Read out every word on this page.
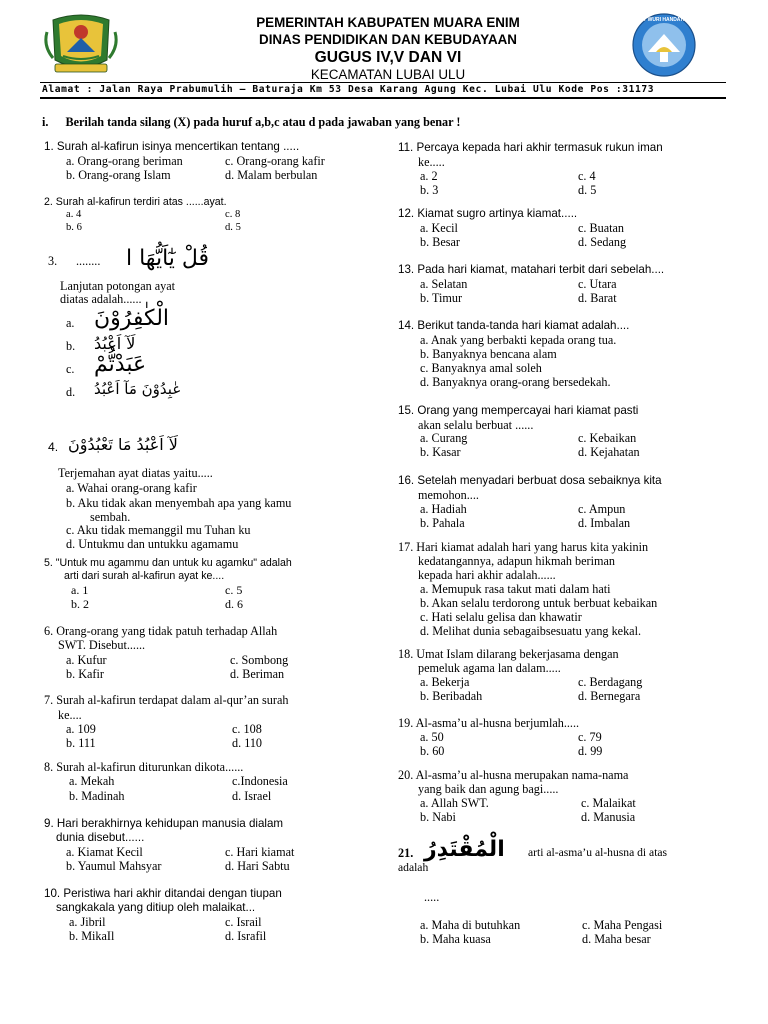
PEMERINTAH KABUPATEN MUARA ENIM
DINAS PENDIDIKAN DAN KEBUDAYAAN
GUGUS IV,V DAN VI
KECAMATAN LUBAI ULU
TUT WURI HANDAYANI
Alamat : Jalan Raya Prabumulih – Baturaja Km 53 Desa Karang Agung Kec. Lubai Ulu Kode Pos :31173
i. Berilah tanda silang (X) pada huruf a,b,c atau d pada jawaban yang benar !
1. Surah al-kafirun isinya mencertikan tentang .....
a. Orang-orang beriman	c. Orang-orang kafir
b. Orang-orang Islam	d. Malam berbulan
2. Surah al-kafirun terdiri atas ......ayat.
a. 4	c. 8
b. 6	d. 5
3. ........ قُلْ يٰٓاَيُّهَا ا
Lanjutan potongan ayat
diatas adalah......
a. الْكٰفِرُوْنَ
b. لَآ اَعْبُدُ
c. عَبَدْتُّمْ
d. عٰبِدُوْنَ مَآ اَعْبُدُ
4. لَآ اَعْبُدُ مَا تَعْبُدُوْنَ
Terjemahan ayat diatas yaitu.....
a. Wahai orang-orang kafir
b. Aku tidak akan menyembah apa yang kamu
sembah.
c. Aku tidak memanggil mu Tuhan ku
d. Untukmu dan untukku agamamu
5. "Untuk mu agammu dan untuk ku agamku" adalah
arti dari surah al-kafirun ayat ke....
a. 1	c. 5
b. 2	d. 6
6. Orang-orang yang tidak patuh terhadap Allah
SWT. Disebut......
a. Kufur	c. Sombong
b. Kafir	d. Beriman
7. Surah al-kafirun terdapat dalam al-qur’an surah
ke....
a. 109	c. 108
b. 111	d. 110
8. Surah al-kafirun diturunkan dikota......
a. Mekah	c.Indonesia
b. Madinah	d. Israel
9. Hari berakhirnya kehidupan manusia dialam
dunia disebut......
a. Kiamat Kecil	c. Hari kiamat
b. Yaumul Mahsyar	d. Hari Sabtu
10. Peristiwa hari akhir ditandai dengan tiupan
sangkakala yang ditiup oleh malaikat...
a. Jibril	c. Israil
b. MikaIl	d. Israfil
11. Percaya kepada hari akhir termasuk rukun iman
ke.....
a. 2	c. 4
b. 3	d. 5
12. Kiamat sugro artinya kiamat.....
a. Kecil	c. Buatan
b. Besar	d. Sedang
13. Pada hari kiamat, matahari terbit dari sebelah....
a. Selatan	c. Utara
b. Timur	d. Barat
14. Berikut tanda-tanda hari kiamat adalah....
a. Anak yang berbakti kepada orang tua.
b. Banyaknya bencana alam
c. Banyaknya amal soleh
d. Banyaknya orang-orang bersedekah.
15. Orang yang mempercayai hari kiamat pasti
akan selalu berbuat ......
a. Curang	c. Kebaikan
b. Kasar	d. Kejahatan
16. Setelah menyadari berbuat dosa sebaiknya kita
memohon....
a. Hadiah	c. Ampun
b. Pahala	d. Imbalan
17. Hari kiamat adalah hari yang harus kita yakinin
kedatangannya, adapun hikmah beriman
kepada hari akhir adalah......
a. Memupuk rasa takut mati dalam hati
b. Akan selalu terdorong untuk berbuat kebaikan
c. Hati selalu gelisa dan khawatir
d. Melihat dunia sebagaibsesuatu yang kekal.
18. Umat Islam dilarang bekerjasama dengan
pemeluk agama lan dalam.....
a. Bekerja	c. Berdagang
b. Beribadah	d. Bernegara
19. Al-asma’u al-husna berjumlah.....
a. 50	c. 79
b. 60	d. 99
20. Al-asma’u al-husna merupakan nama-nama
yang baik dan agung bagi.....
a. Allah SWT.	c. Malaikat
b. Nabi	d. Manusia
21. الْمُقْتَدِرُ arti al-asma’u al-husna di atas
adalah
.....
a. Maha di butuhkan	c. Maha Pengasi
b. Maha kuasa	d. Maha besar
